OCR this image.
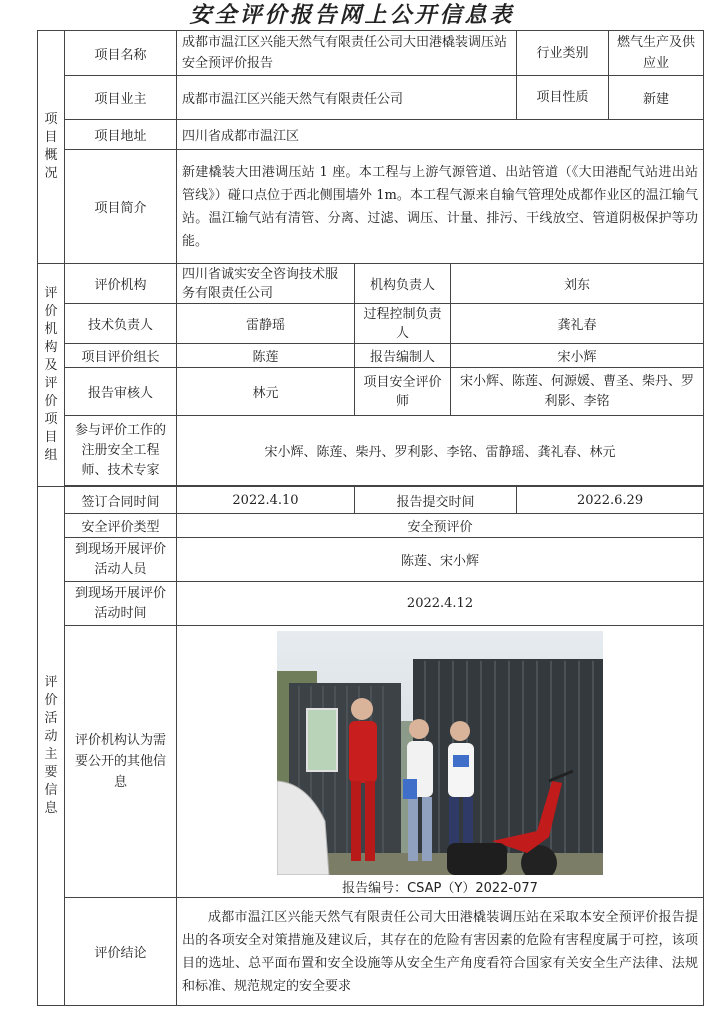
安全评价报告网上公开信息表
项目概况	项目名称	成都市温江区兴能天然气有限责任公司大田港橇装调压站安全预评价报告			行业类别	燃气生产及供应业
	项目业主	成都市温江区兴能天然气有限责任公司			项目性质	新建
	项目地址	四川省成都市温江区				
	项目简介	新建橇装大田港调压站 1 座。本工程与上游气源管道、出站管道（《大田港配气站进出站管线》）碰口点位于西北侧围墙外 1m。本工程气源来自输气管理处成都作业区的温江输气站。温江输气站有清管、分离、过滤、调压、计量、排污、干线放空、管道阴极保护等功能。				
评价机构及评价项目组	评价机构	四川省诚实安全咨询技术服务有限责任公司	机构负责人	刘东		
	技术负责人	雷静瑶	过程控制负责人	龚礼春		
	项目评价组长	陈莲	报告编制人	宋小辉		
	报告审核人	林元	项目安全评价师	宋小辉、陈莲、何源媛、曹圣、柴丹、罗利影、李铭		
	参与评价工作的注册安全工程师、技术专家	宋小辉、陈莲、柴丹、罗利影、李铭、雷静瑶、龚礼春、林元				

评价活动主要信息	签订合同时间	2022.4.10	报告提交时间		2022.6.29	
	安全评价类型	安全预评价				
	到现场开展评价活动人员	陈莲、宋小辉				
	到现场开展评价活动时间	2022.4.12				
	评价机构认为需要公开的其他信息	报告编号：CSAP（Y）2022-077				

	评价结论	成都市温江区兴能天然气有限责任公司大田港橇装调压站在采取本安全预评价报告提出的各项安全对策措施及建议后，其存在的危险有害因素的危险有害程度属于可控，该项目的选址、总平面布置和安全设施等从安全生产角度看符合国家有关安全生产法律、法规和标准、规范规定的安全要求				
